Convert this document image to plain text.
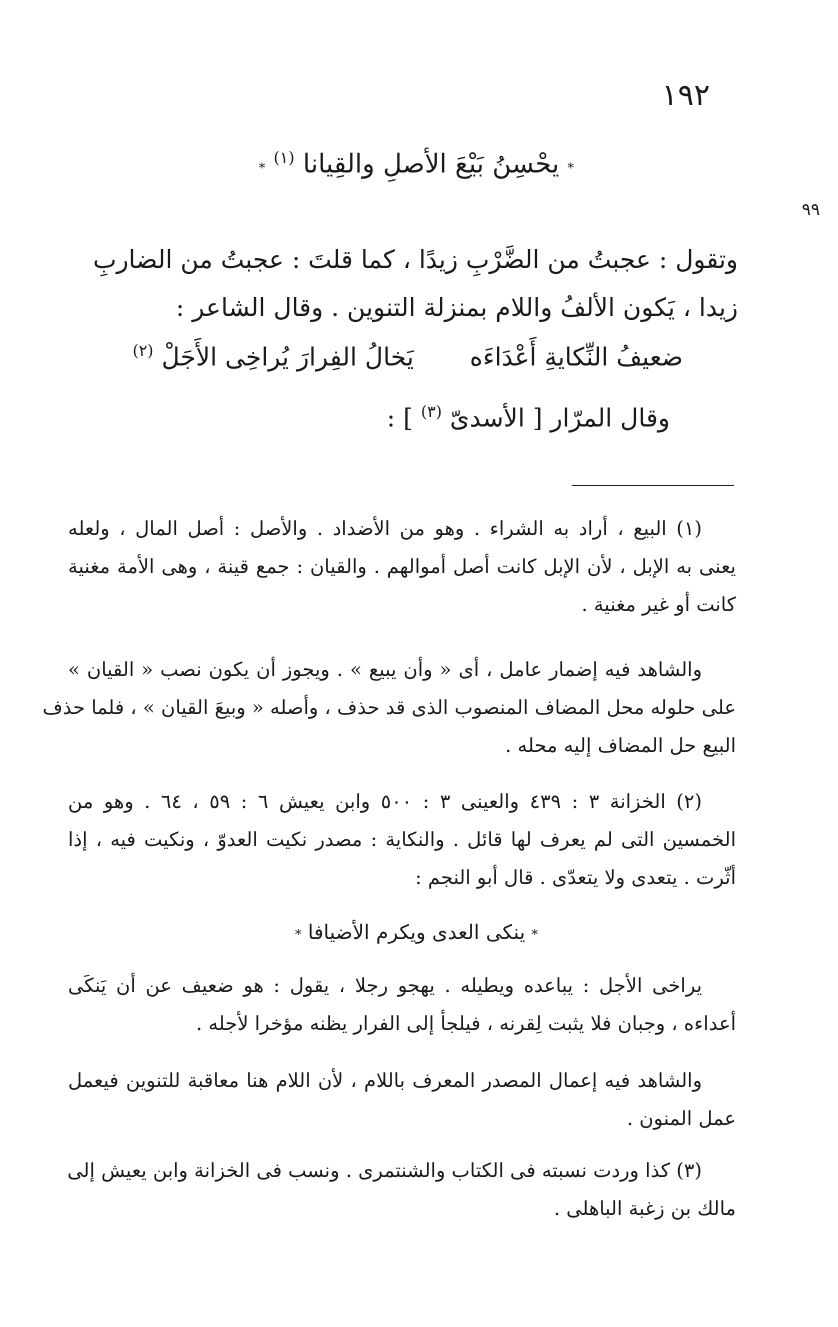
١٩٢
٩٩
* يحْسِنُ بَيْعَ الأصلِ والقِيانا $^{(١)}$ *
وتقول : عجبتُ من الضَّرْبِ زيدًا ، كما قلتَ : عجبتُ من الضاربِ
زيدا ، يَكون الألفُ واللام بمنزلة التنوين . وقال الشاعر :
ضعيفُ النِّكايةِ أَعْدَاءَه  يَخالُ الفِرارَ يُراخِى الأَجَلْ $^{(٢)}$
وقال المرّار [ الأسدىّ $^{(٣)}$ ] :
(١) البيع ، أراد به الشراء . وهو من الأضداد . والأصل : أصل المال ، ولعله
يعنى به الإبل ، لأن الإبل كانت أصل أموالهم . والقيان : جمع قينة ، وهى الأمة مغنية
كانت أو غير مغنية .
والشاهد فيه إضمار عامل ، أى « وأن يبيع » . ويجوز أن يكون نصب « القيان »
على حلوله محل المضاف المنصوب الذى قد حذف ، وأصله « وبيعَ القيان » ، فلما حذف
البيع حل المضاف إليه محله .
(٢) الخزانة ٣ : ٤٣٩ والعينى ٣ : ٥٠٠ وابن يعيش ٦ : ٥٩ ، ٦٤ . وهو من
الخمسين التى لم يعرف لها قائل . والنكاية : مصدر نكيت العدوّ ، ونكيت فيه ، إذا
أثّرت . يتعدى ولا يتعدّى . قال أبو النجم :
* ينكى العدى ويكرم الأضيافا *
يراخى الأجل : يباعده ويطيله . يهجو رجلا ، يقول : هو ضعيف عن أن يَنكَى
أعداءه ، وجبان فلا يثبت لِقرنه ، فيلجأ إلى الفرار يظنه مؤخرا لأجله .
والشاهد فيه إعمال المصدر المعرف باللام ، لأن اللام هنا معاقبة للتنوين فيعمل
عمل المنون .
(٣) كذا وردت نسبته فى الكتاب والشنتمرى . ونسب فى الخزانة وابن يعيش إلى
مالك بن زغبة الباهلى .
